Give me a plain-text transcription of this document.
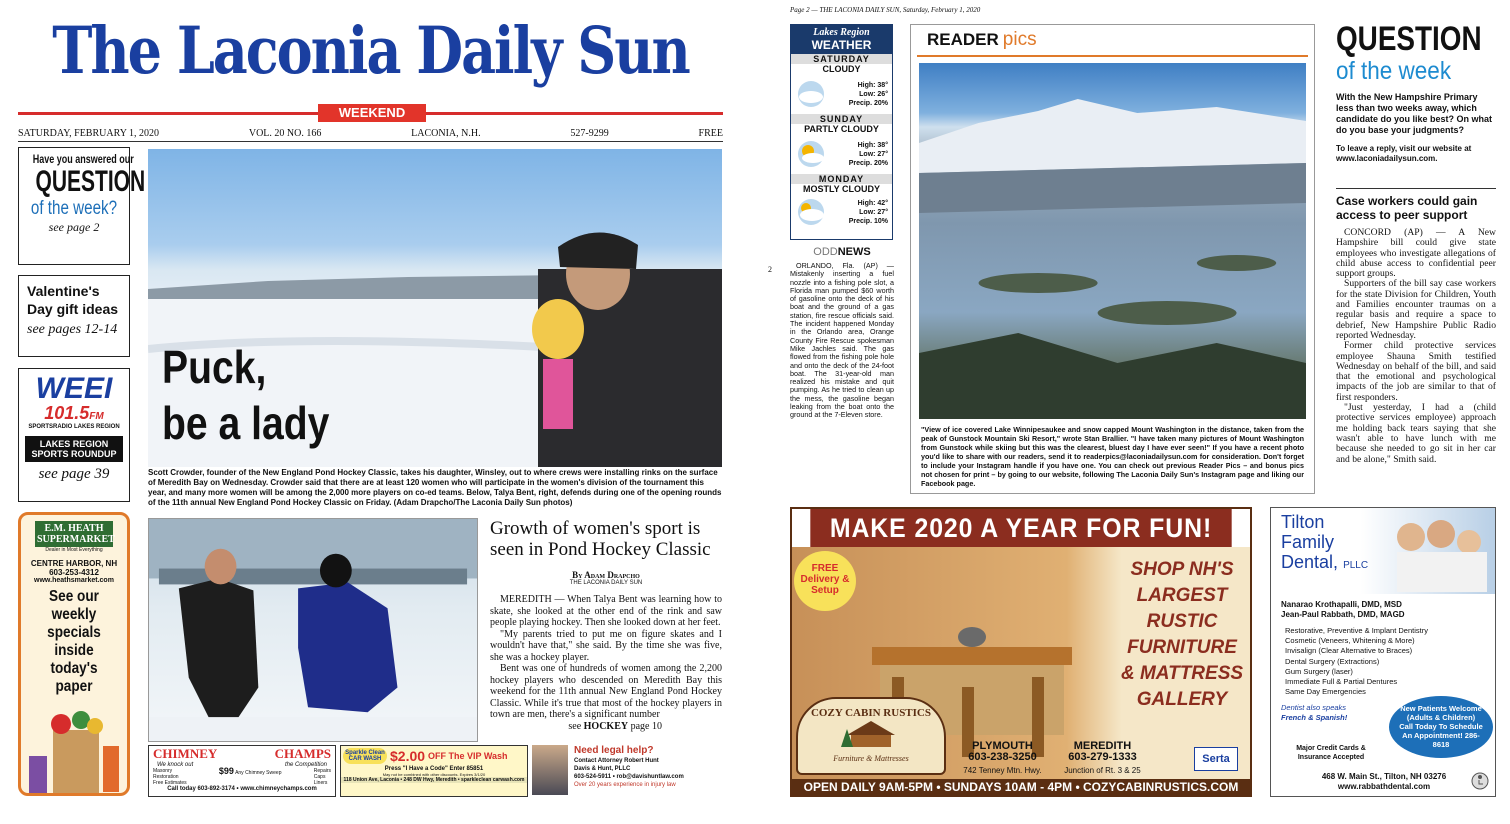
The Laconia Daily Sun
WEEKEND
SATURDAY, FEBRUARY 1, 2020	VOL. 20 NO. 166	LACONIA, N.H.	527-9299	FREE
Have you answered our
QUESTION
of the week?
see page 2
Valentine's Day gift ideas
see pages 12-14
WEEI
101.5FM
SPORTSRADIO LAKES REGION
LAKES REGION SPORTS ROUNDUP
see page 39
E.M. HEATH SUPERMARKET
Dealer in Most Everything
CENTRE HARBOR, NH
603-253-4312
www.heathsmarket.com
See our weekly specials inside today's paper
Puck,
be a lady
Scott Crowder, founder of the New England Pond Hockey Classic, takes his daughter, Winsley, out to where crews were installing rinks on the surface of Meredith Bay on Wednesday. Crowder said that there are at least 120 women who will participate in the women's division of the tournament this year, and many more women will be among the 2,000 more players on co-ed teams. Below, Talya Bent, right, defends during one of the opening rounds of the 11th annual New England Pond Hockey Classic on Friday. (Adam Drapcho/The Laconia Daily Sun photos)
Growth of women's sport is seen in Pond Hockey Classic
By Adam Drapcho
THE LACONIA DAILY SUN

MEREDITH — When Talya Bent was learning how to skate, she looked at the other end of the rink and saw people playing hockey. Then she looked down at her feet.

"My parents tried to put me on figure skates and I wouldn't have that," she said. By the time she was five, she was a hockey player.

Bent was one of hundreds of women among the 2,200 hockey players who descended on Meredith Bay this weekend for the 11th annual New England Pond Hockey Classic. While it's true that most of the hockey players in town are men, there's a significant number

see HOCKEY page 10
CHIMNEY	CHAMPS
We knock out	the Competition
Masonry
Restoration
Free Estimates
$99 Any Chimney Sweep	Repairs
Caps
Liners
Call today 603-892-3174 • www.chimneychamps.com
Sparkle Clean CAR WASH $2.00 OFF The VIP Wash
Press "I Have a Code" Enter 85851
May not be combined with other discounts. Expires 3/1/20
118 Union Ave, Laconia • 248 DW Hwy, Meredith • sparkleclean carwash.com
Need legal help?
Contact Attorney Robert Hunt
Davis & Hunt, PLLC
603-524-5911 • rob@davishuntlaw.com
Over 20 years experience in injury law
Page 2 — THE LACONIA DAILY SUN, Saturday, February 1, 2020
2
Lakes Region
WEATHER
SATURDAY
CLOUDY
High: 38°
Low: 26°
Precip. 20%
SUNDAY
PARTLY CLOUDY
High: 38°
Low: 27°
Precip. 20%
MONDAY
MOSTLY CLOUDY
High: 42°
Low: 27°
Precip. 10%
ODDNEWS

ORLANDO, Fla. (AP) — Mistakenly inserting a fuel nozzle into a fishing pole slot, a Florida man pumped $60 worth of gasoline onto the deck of his boat and the ground of a gas station, fire rescue officials said. The incident happened Monday in the Orlando area, Orange County Fire Rescue spokesman Mike Jachles said. The gas flowed from the fishing pole hole and onto the deck of the 24-foot boat. The 31-year-old man realized his mistake and quit pumping. As he tried to clean up the mess, the gasoline began leaking from the boat onto the ground at the 7-Eleven store.

READER pics

"View of ice covered Lake Winnipesaukee and snow capped Mount Washington in the distance, taken from the peak of Gunstock Mountain Ski Resort," wrote Stan Brallier. "I have taken many pictures of Mount Washington from Gunstock while skiing but this was the clearest, bluest day I have ever seen!" If you have a recent photo you'd like to share with our readers, send it to readerpics@laconiadailysun.com for consideration. Don't forget to include your Instagram handle if you have one. You can check out previous Reader Pics – and bonus pics not chosen for print – by going to our website, following The Laconia Daily Sun's Instagram page and liking our Facebook page.

QUESTION
of the week

With the New Hampshire Primary less than two weeks away, which candidate do you like best? On what do you base your judgments?

To leave a reply, visit our website at www.laconiadailysun.com.

Case workers could gain access to peer support

CONCORD (AP) — A New Hampshire bill could give state employees who investigate allegations of child abuse access to confidential peer support groups.

Supporters of the bill say case workers for the state Division for Children, Youth and Families encounter traumas on a regular basis and require a space to debrief, New Hampshire Public Radio reported Wednesday.

Former child protective services employee Shauna Smith testified Wednesday on behalf of the bill, and said that the emotional and psychological impacts of the job are similar to that of first responders.

"Just yesterday, I had a (child protective services employee) approach me holding back tears saying that she wasn't able to have lunch with me because she needed to go sit in her car and be alone," Smith said.

MAKE 2020 A YEAR FOR FUN!
FREE Delivery & Setup
SHOP NH'S
LARGEST
RUSTIC
FURNITURE
& MATTRESS
GALLERY
COZY CABIN RUSTICS
Furniture & Mattresses
PLYMOUTH
603-238-3250
742 Tenney Mtn. Hwy.
MEREDITH
603-279-1333
Junction of Rt. 3 & 25
Serta
OPEN DAILY 9AM-5PM • SUNDAYS 10AM - 4PM • COZYCABINRUSTICS.COM
Tilton
Family
Dental, PLLC
Nanarao Krothapalli, DMD, MSD
Jean-Paul Rabbath, DMD, MAGD
Restorative, Preventive & Implant Dentistry
Cosmetic (Veneers, Whitening & More)
Invisalign (Clear Alternative to Braces)
Dental Surgery (Extractions)
Gum Surgery (laser)
Immediate Full & Partial Dentures
Same Day Emergencies
Dentist also speaks
French & Spanish!
Major Credit Cards & Insurance Accepted
New Patients Welcome (Adults & Children) Call Today To Schedule An Appointment! 286-8618
468 W. Main St., Tilton, NH 03276
www.rabbathdental.com
